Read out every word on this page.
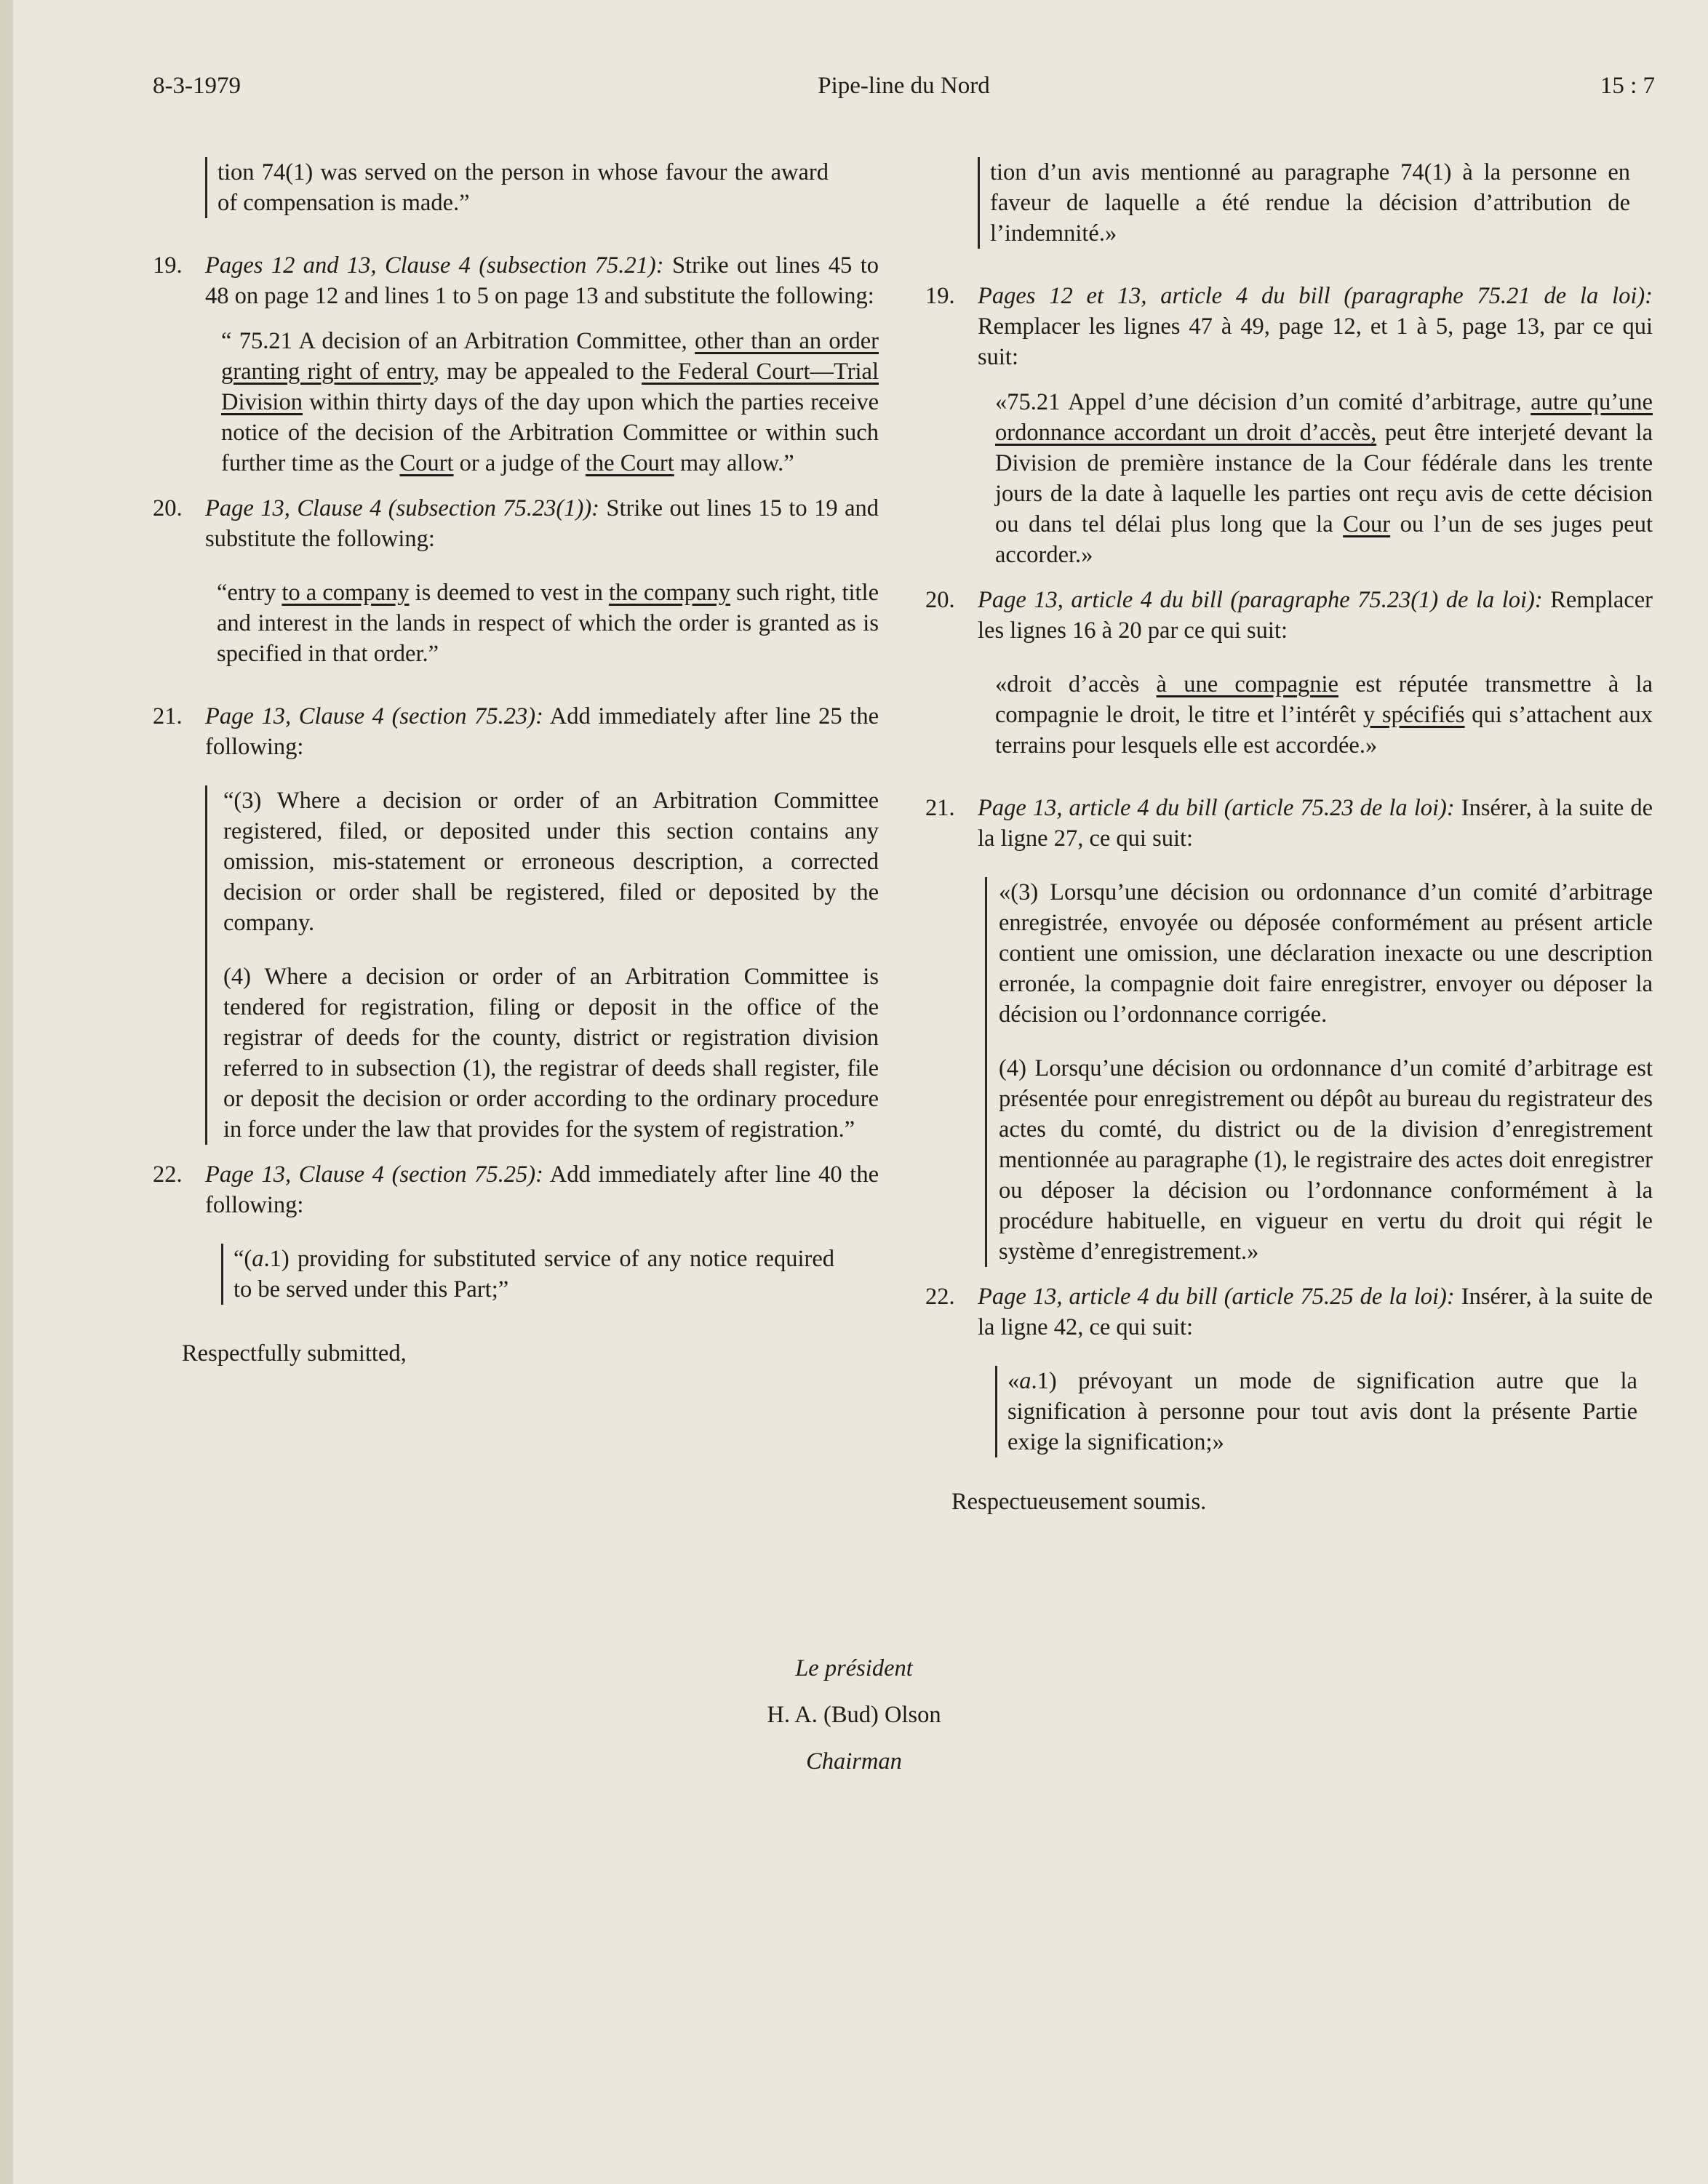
8-3-1979	Pipe-line du Nord	15 : 7
tion 74(1) was served on the person in whose favour the award of compensation is made.”
19. Pages 12 and 13, Clause 4 (subsection 75.21): Strike out lines 45 to 48 on page 12 and lines 1 to 5 on page 13 and substitute the following:
“ 75.21 A decision of an Arbitration Committee, other than an order granting right of entry, may be appealed to the Federal Court—Trial Division within thirty days of the day upon which the parties receive notice of the decision of the Arbitration Committee or within such further time as the Court or a judge of the Court may allow.”
20. Page 13, Clause 4 (subsection 75.23(1)): Strike out lines 15 to 19 and substitute the following:
“entry to a company is deemed to vest in the company such right, title and interest in the lands in respect of which the order is granted as is specified in that order.”
21. Page 13, Clause 4 (section 75.23): Add immediately after line 25 the following:
“(3) Where a decision or order of an Arbitration Committee registered, filed, or deposited under this section contains any omission, mis-statement or erroneous description, a corrected decision or order shall be registered, filed or deposited by the company.
(4) Where a decision or order of an Arbitration Committee is tendered for registration, filing or deposit in the office of the registrar of deeds for the county, district or registration division referred to in subsection (1), the registrar of deeds shall register, file or deposit the decision or order according to the ordinary procedure in force under the law that provides for the system of registration.”
22. Page 13, Clause 4 (section 75.25): Add immediately after line 40 the following:
“(a.1) providing for substituted service of any notice required to be served under this Part;”
Respectfully submitted,
tion d’un avis mentionné au paragraphe 74(1) à la personne en faveur de laquelle a été rendue la décision d’attribution de l’indemnité.»
19. Pages 12 et 13, article 4 du bill (paragraphe 75.21 de la loi): Remplacer les lignes 47 à 49, page 12, et 1 à 5, page 13, par ce qui suit:
«75.21 Appel d’une décision d’un comité d’arbitrage, autre qu’une ordonnance accordant un droit d’accès, peut être interjeté devant la Division de première instance de la Cour fédérale dans les trente jours de la date à laquelle les parties ont reçu avis de cette décision ou dans tel délai plus long que la Cour ou l’un de ses juges peut accorder.»
20. Page 13, article 4 du bill (paragraphe 75.23(1) de la loi): Remplacer les lignes 16 à 20 par ce qui suit:
«droit d’accès à une compagnie est réputée transmettre à la compagnie le droit, le titre et l’intérêt y spécifiés qui s’attachent aux terrains pour lesquels elle est accordée.»
21. Page 13, article 4 du bill (article 75.23 de la loi): Insérer, à la suite de la ligne 27, ce qui suit:
«(3) Lorsqu’une décision ou ordonnance d’un comité d’arbitrage enregistrée, envoyée ou déposée conformément au présent article contient une omission, une déclaration inexacte ou une description erronée, la compagnie doit faire enregistrer, envoyer ou déposer la décision ou l’ordonnance corrigée.
(4) Lorsqu’une décision ou ordonnance d’un comité d’arbitrage est présentée pour enregistrement ou dépôt au bureau du registrateur des actes du comté, du district ou de la division d’enregistrement mentionnée au paragraphe (1), le registraire des actes doit enregistrer ou déposer la décision ou l’ordonnance conformément à la procédure habituelle, en vigueur en vertu du droit qui régit le système d’enregistrement.»
22. Page 13, article 4 du bill (article 75.25 de la loi): Insérer, à la suite de la ligne 42, ce qui suit:
«a.1) prévoyant un mode de signification autre que la signification à personne pour tout avis dont la présente Partie exige la signification;»
Respectueusement soumis.
Le président
H. A. (Bud) Olson
Chairman
